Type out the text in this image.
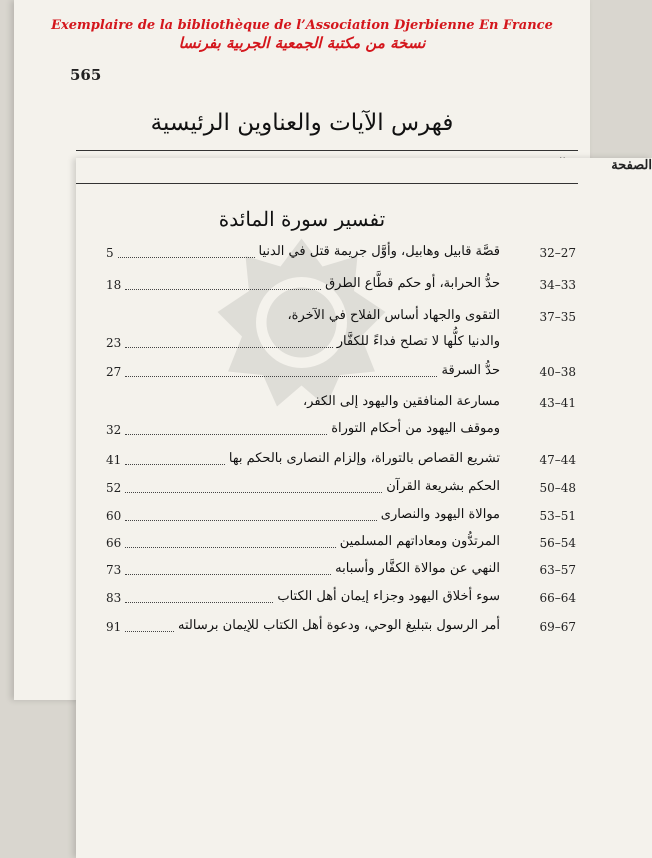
Exemplaire de la bibliothèque de l’Association Djerbienne En France
نسخة من مكتبة الجمعية الجربية بفرنسا
565
فهرس الآيات والعناوين الرئيسية
الصفحة
تفسير سورة المائدة
32–27
قصَّة قابيل وهابيل، وأوَّل جريمة قتل في الدنيا
5
34–33
حدُّ الحرابة، أو حكم قطَّاع الطرق
18
37–35
التقوى والجهاد أساس الفلاح في الآخرة،
والدنيا كلُّها لا تصلح فداءً للكفَّار
23
40–38
حدُّ السرقة
27
43–41
مسارعة المنافقين واليهود إلى الكفر،
وموقف اليهود من أحكام التوراة
32
47–44
تشريع القصاص بالتوراة، وإلزام النصارى بالحكم بها
41
50–48
الحكم بشريعة القرآن
52
53–51
موالاة اليهود والنصارى
60
56–54
المرتدُّون ومعاداتهم المسلمين
66
63–57
النهي عن موالاة الكفَّار وأسبابه
73
66–64
سوء أخلاق اليهود وجزاء إيمان أهل الكتاب
83
69–67
أمر الرسول بتبليغ الوحي، ودعوة أهل الكتاب للإيمان برسالته
91
